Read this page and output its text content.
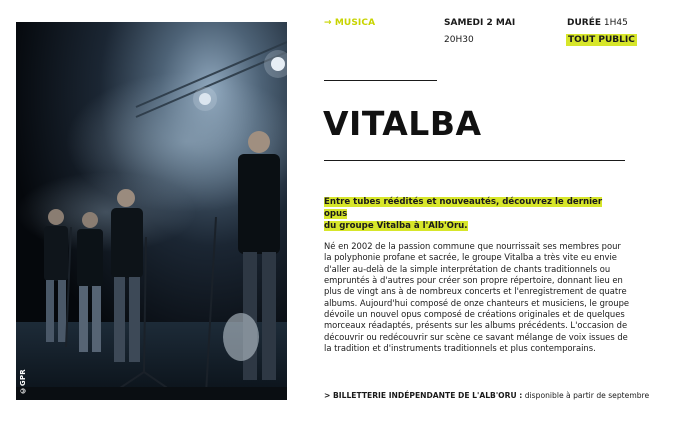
©GPR
→ MUSICA	SAMEDI 2 MAI
20H30
DURÉE 1H45
TOUT PUBLIC
VITALBA

Entre tubes réédités et nouveautés, découvrez le dernier opus
du groupe Vitalba à l'Alb'Oru.

Né en 2002 de la passion commune que nourrissait ses membres pour la polyphonie profane et sacrée, le groupe Vitalba a très vite eu envie d'aller au-delà de la simple interprétation de chants traditionnels ou empruntés à d'autres pour créer son propre répertoire, donnant lieu en plus de vingt ans à de nombreux concerts et l'enregistrement de quatre albums. Aujourd'hui composé de onze chanteurs et musiciens, le groupe dévoile un nouvel opus composé de créations originales et de quelques morceaux réadaptés, présents sur les albums précédents. L'occasion de découvrir ou redécouvrir sur scène ce savant mélange de voix issues de la tradition et d'instruments traditionnels et plus contemporains.

> BILLETTERIE INDÉPENDANTE DE L'ALB'ORU : disponible à partir de septembre
